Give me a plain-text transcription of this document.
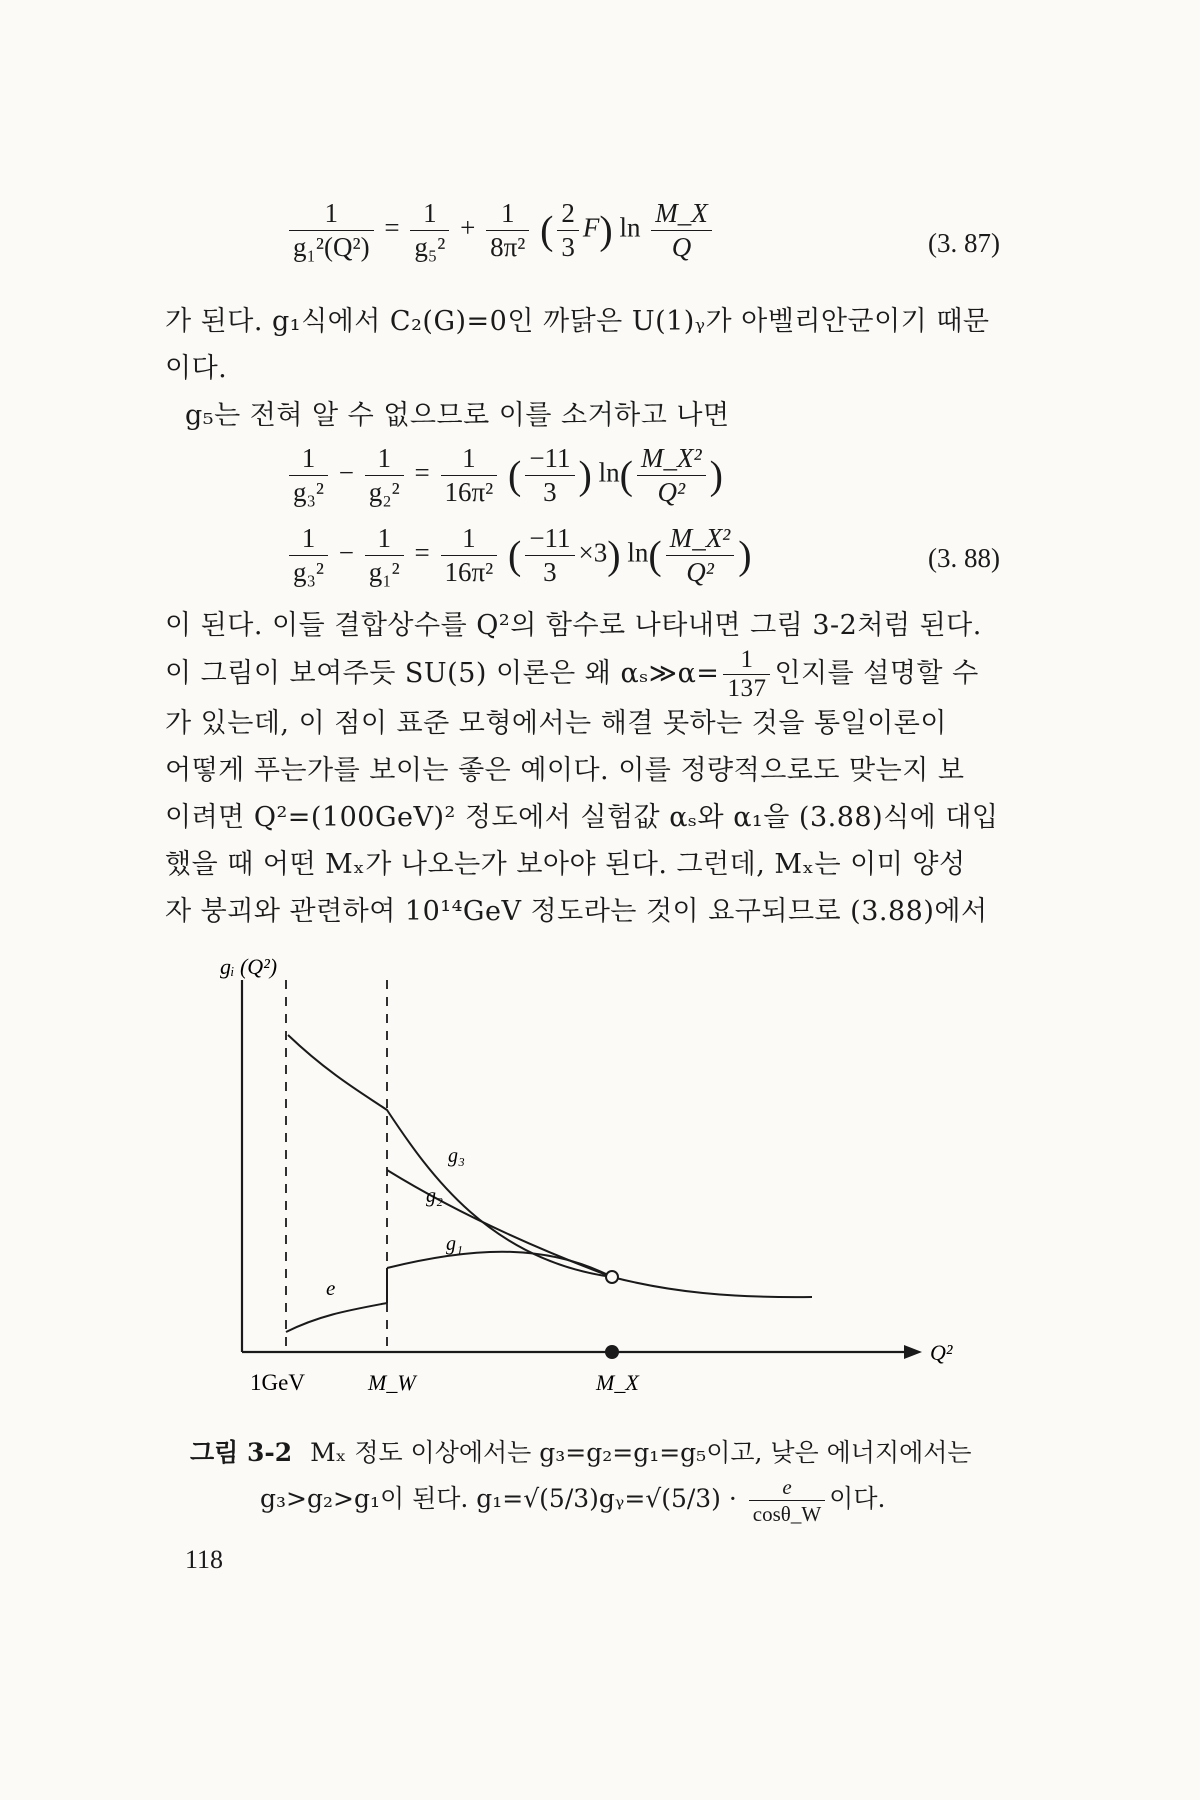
$\frac{1}{\text{g₁²(Q²)}} = \frac{1}{\text{g₅²}} + \frac{1}{\text{8π²}}$ ( $\frac{2}{3} F$) $\ln \frac{M\_X}{Q}$	(3. 87)
가 된다. g₁식에서 C₂(G)=0인 까닭은 U(1)ᵧ가 아벨리안군이기 때문
이다.
g₅는 전혀 알 수 없으므로 이를 소거하고 나면
$\frac{1}{\text{g₃²}} - \frac{1}{\text{g₂²}} = \frac{1}{\text{16π²}}$ ( $\frac{-11}{3}$ ) $\ln( \frac{\text{M\_X²}}{\text{Q²}}$ )
$\frac{1}{\text{g₃²}} - \frac{1}{\text{g₁²}} = \frac{1}{\text{16π²}}$ ( $\frac{-11}{3} \times 3$) $\ln( \frac{\text{M\_X²}}{\text{Q²}}$ )	(3. 88)
이 된다. 이들 결합상수를 Q²의 함수로 나타내면 그림 3-2처럼 된다.
이 그림이 보여주듯 SU(5) 이론은 왜 αₛ≫α= $\frac{1}{137}$ 인지를 설명할 수
가 있는데, 이 점이 표준 모형에서는 해결 못하는 것을 통일이론이
어떻게 푸는가를 보이는 좋은 예이다. 이를 정량적으로도 맞는지 보
이려면 Q²=(100GeV)² 정도에서 실험값 αₛ와 α₁을 (3.88)식에 대입
했을 때 어떤 Mₓ가 나오는가 보아야 된다. 그런데, Mₓ는 이미 양성
자 붕괴와 관련하여 10¹⁴GeV 정도라는 것이 요구되므로 (3.88)에서
gᵢ (Q²)
Q²
1GeV	M_W	M_X
g₃
g₂
g₁
e
그림 3-2 Mₓ 정도 이상에서는 g₃=g₂=g₁=g₅이고, 낮은 에너지에서는
g₃>g₂>g₁이 된다. g₁=√(5/3)gᵧ=√(5/3) · $\frac{e}{\cos\theta\_W}$ 이다.
118
